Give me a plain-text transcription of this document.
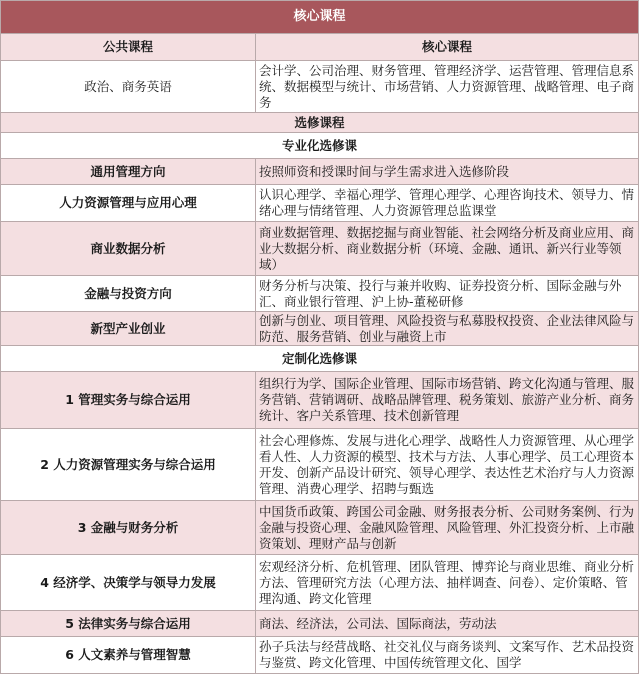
核心课程	
公共课程	核心课程
政治、商务英语	会计学、公司治理、财务管理、管理经济学、运营管理、管理信息系统、数据模型与统计、市场营销、人力资源管理、战略管理、电子商务
选修课程	
专业化选修课	
通用管理方向	按照师资和授课时间与学生需求进入选修阶段
人力资源管理与应用心理	认识心理学、幸福心理学、管理心理学、心理咨询技术、领导力、情绪心理与情绪管理、人力资源管理总监课堂
商业数据分析	商业数据管理、数据挖掘与商业智能、社会网络分析及商业应用、商业大数据分析、商业数据分析（环境、金融、通讯、新兴行业等领域）
金融与投资方向	财务分析与决策、投行与兼并收购、证券投资分析、国际金融与外汇、商业银行管理、沪上协-董秘研修
新型产业创业	创新与创业、项目管理、风险投资与私募股权投资、企业法律风险与防范、服务营销、创业与融资上市
定制化选修课	
1 管理实务与综合运用	组织行为学、国际企业管理、国际市场营销、跨文化沟通与管理、服务营销、营销调研、战略品牌管理、税务策划、旅游产业分析、商务统计、客户关系管理、技术创新管理
2 人力资源管理实务与综合运用	社会心理修炼、发展与进化心理学、战略性人力资源管理、从心理学看人性、人力资源的模型、技术与方法、人事心理学、员工心理资本开发、创新产品设计研究、领导心理学、表达性艺术治疗与人力资源管理、消费心理学、招聘与甄选
3 金融与财务分析	中国货币政策、跨国公司金融、财务报表分析、公司财务案例、行为金融与投资心理、金融风险管理、风险管理、外汇投资分析、上市融资策划、理财产品与创新
4 经济学、决策学与领导力发展	宏观经济分析、危机管理、团队管理、博弈论与商业思维、商业分析方法、管理研究方法（心理方法、抽样调查、问卷）、定价策略、管理沟通、跨文化管理
5 法律实务与综合运用	商法、经济法，公司法、国际商法，劳动法
6 人文素养与管理智慧	孙子兵法与经营战略、社交礼仪与商务谈判、文案写作、艺术品投资与鉴赏、跨文化管理、中国传统管理文化、国学
